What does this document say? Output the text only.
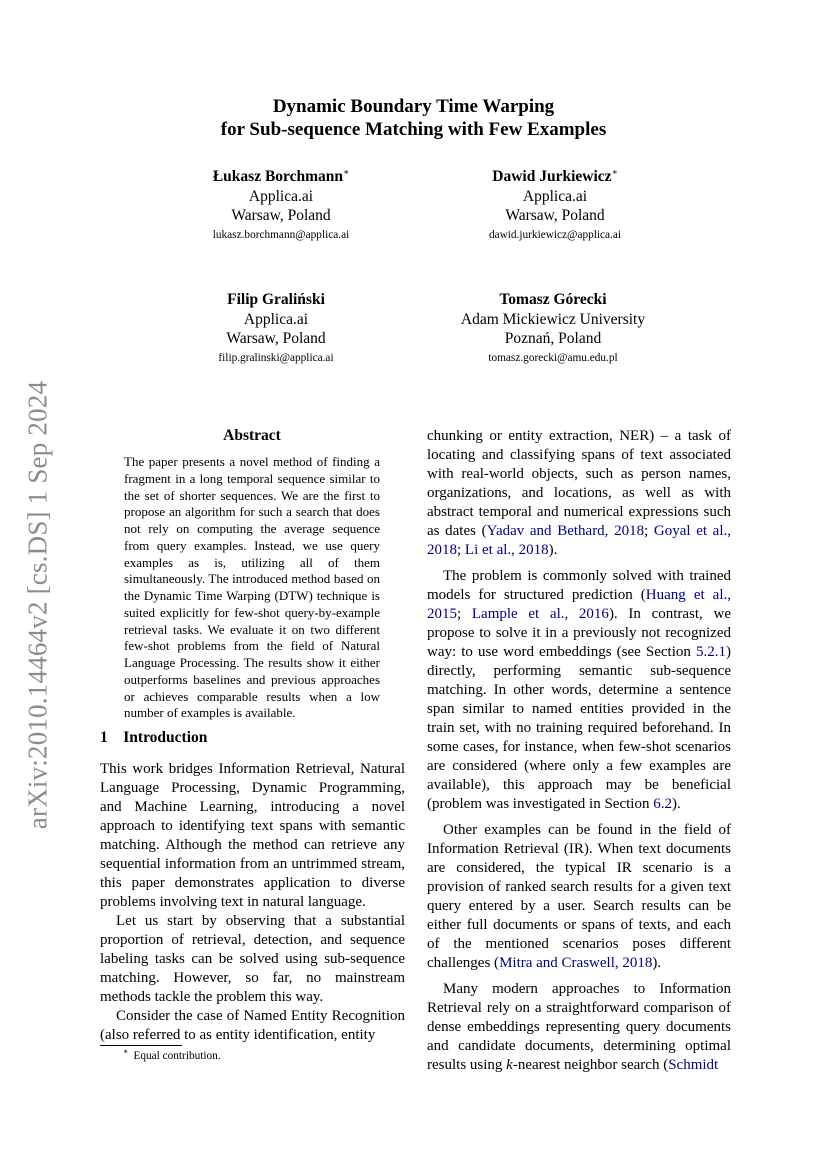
arXiv:2010.14464v2 [cs.DS] 1 Sep 2024
Dynamic Boundary Time Warping
for Sub-sequence Matching with Few Examples
Łukasz Borchmann∗
Applica.ai
Warsaw, Poland
lukasz.borchmann@applica.ai
Dawid Jurkiewicz∗
Applica.ai
Warsaw, Poland
dawid.jurkiewicz@applica.ai
Filip Graliński
Applica.ai
Warsaw, Poland
filip.gralinski@applica.ai
Tomasz Górecki
Adam Mickiewicz University
Poznań, Poland
tomasz.gorecki@amu.edu.pl
Abstract
The paper presents a novel method of finding a fragment in a long temporal sequence similar to the set of shorter sequences. We are the first to propose an algorithm for such a search that does not rely on computing the average sequence from query examples. Instead, we use query examples as is, utilizing all of them simultaneously. The introduced method based on the Dynamic Time Warping (DTW) technique is suited explicitly for few-shot query-by-example retrieval tasks. We evaluate it on two different few-shot problems from the field of Natural Language Processing. The results show it either outperforms baselines and previous approaches or achieves comparable results when a low number of examples is available.
1 Introduction

This work bridges Information Retrieval, Natural Language Processing, Dynamic Programming, and Machine Learning, introducing a novel approach to identifying text spans with semantic matching. Although the method can retrieve any sequential information from an untrimmed stream, this paper demonstrates application to diverse problems involving text in natural language.

Let us start by observing that a substantial proportion of retrieval, detection, and sequence labeling tasks can be solved using sub-sequence matching. However, so far, no mainstream methods tackle the problem this way.

Consider the case of Named Entity Recognition (also referred to as entity identification, entity

∗ Equal contribution.

chunking or entity extraction, NER) – a task of locating and classifying spans of text associated with real-world objects, such as person names, organizations, and locations, as well as with abstract temporal and numerical expressions such as dates (Yadav and Bethard, 2018; Goyal et al., 2018; Li et al., 2018).

The problem is commonly solved with trained models for structured prediction (Huang et al., 2015; Lample et al., 2016). In contrast, we propose to solve it in a previously not recognized way: to use word embeddings (see Section 5.2.1) directly, performing semantic sub-sequence matching. In other words, determine a sentence span similar to named entities provided in the train set, with no training required beforehand. In some cases, for instance, when few-shot scenarios are considered (where only a few examples are available), this approach may be beneficial (problem was investigated in Section 6.2).

Other examples can be found in the field of Information Retrieval (IR). When text documents are considered, the typical IR scenario is a provision of ranked search results for a given text query entered by a user. Search results can be either full documents or spans of texts, and each of the mentioned scenarios poses different challenges (Mitra and Craswell, 2018).

Many modern approaches to Information Retrieval rely on a straightforward comparison of dense embeddings representing query documents and candidate documents, determining optimal results using k-nearest neighbor search (Schmidt
